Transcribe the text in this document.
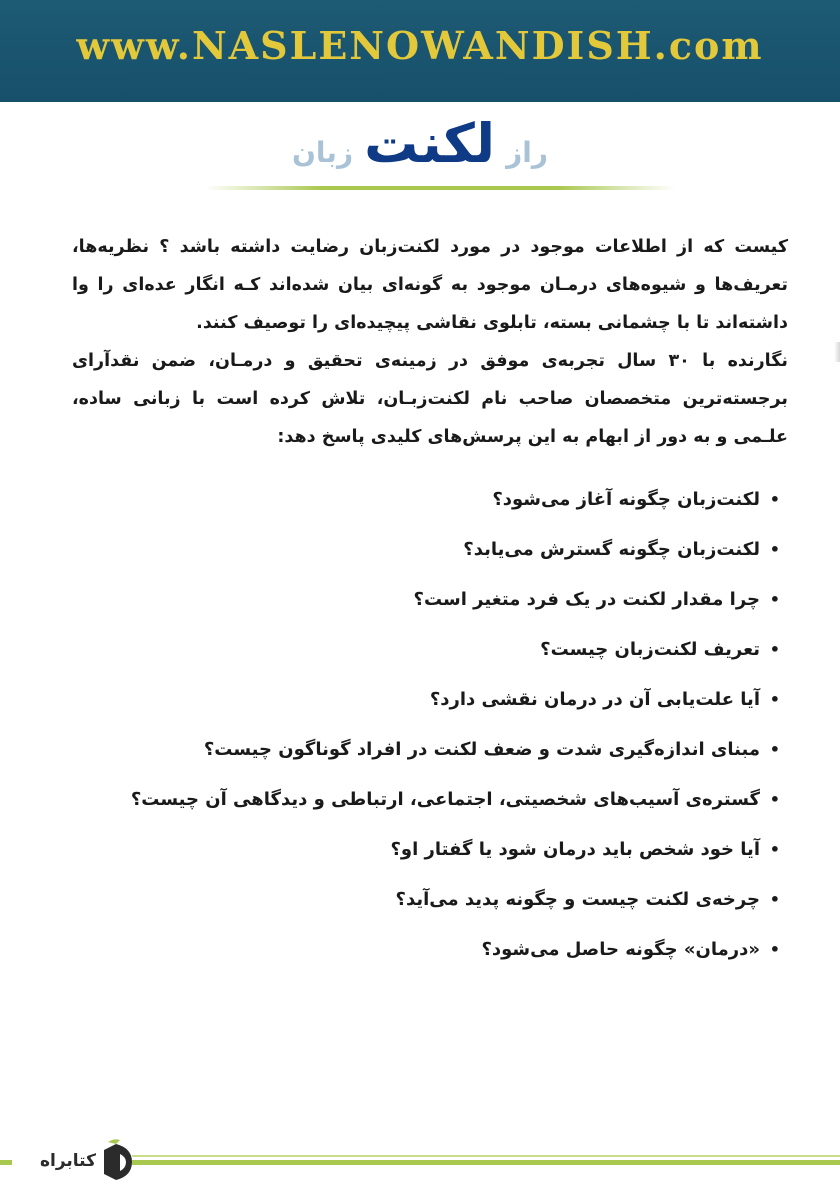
www.NASLENOWANDISH.com
راز لکنت زبان

کیست که از اطلاعات موجود در مورد لکنت‌زبان رضایت داشته باشد ؟ نظریه‌ها، تعریف‌ها و شیوه‌های درمـان موجود به گونه‌ای بیان شده‌اند کـه انگار عده‌ای را وا داشته‌اند تا با چشمانی بسته، تابلوی نقاشی پیچیده‌ای را توصیف کنند.

نگارنده با ۳۰ سال تجربه‌ی موفق در زمینه‌ی تحقیق و درمـان، ضمن نقدآرای برجسته‌ترین متخصصان صاحب نام لکنت‌زبـان، تلاش کرده است با زبانی ساده، علـمی و به دور از ابهام به این پرسش‌های کلیدی پاسخ دهد:

•
لکنت‌زبان چگونه آغاز می‌شود؟
•
لکنت‌زبان چگونه گسترش می‌یابد؟
•
چرا مقدار لکنت در یک فرد متغیر است؟
•
تعریف لکنت‌زبان چیست؟
•
آیا علت‌یابی آن در درمان نقشی دارد؟
•
مبنای اندازه‌گیری شدت و ضعف لکنت در افراد گوناگون چیست؟
•
گستره‌ی آسیب‌های شخصیتی، اجتماعی، ارتباطی و دیدگاهی آن چیست؟
•
آیا خود شخص باید درمان شود یا گفتار او؟
•
چرخه‌ی لکنت چیست و چگونه پدید می‌آید؟
•
«درمان» چگونه حاصل می‌شود؟
کتابراه
